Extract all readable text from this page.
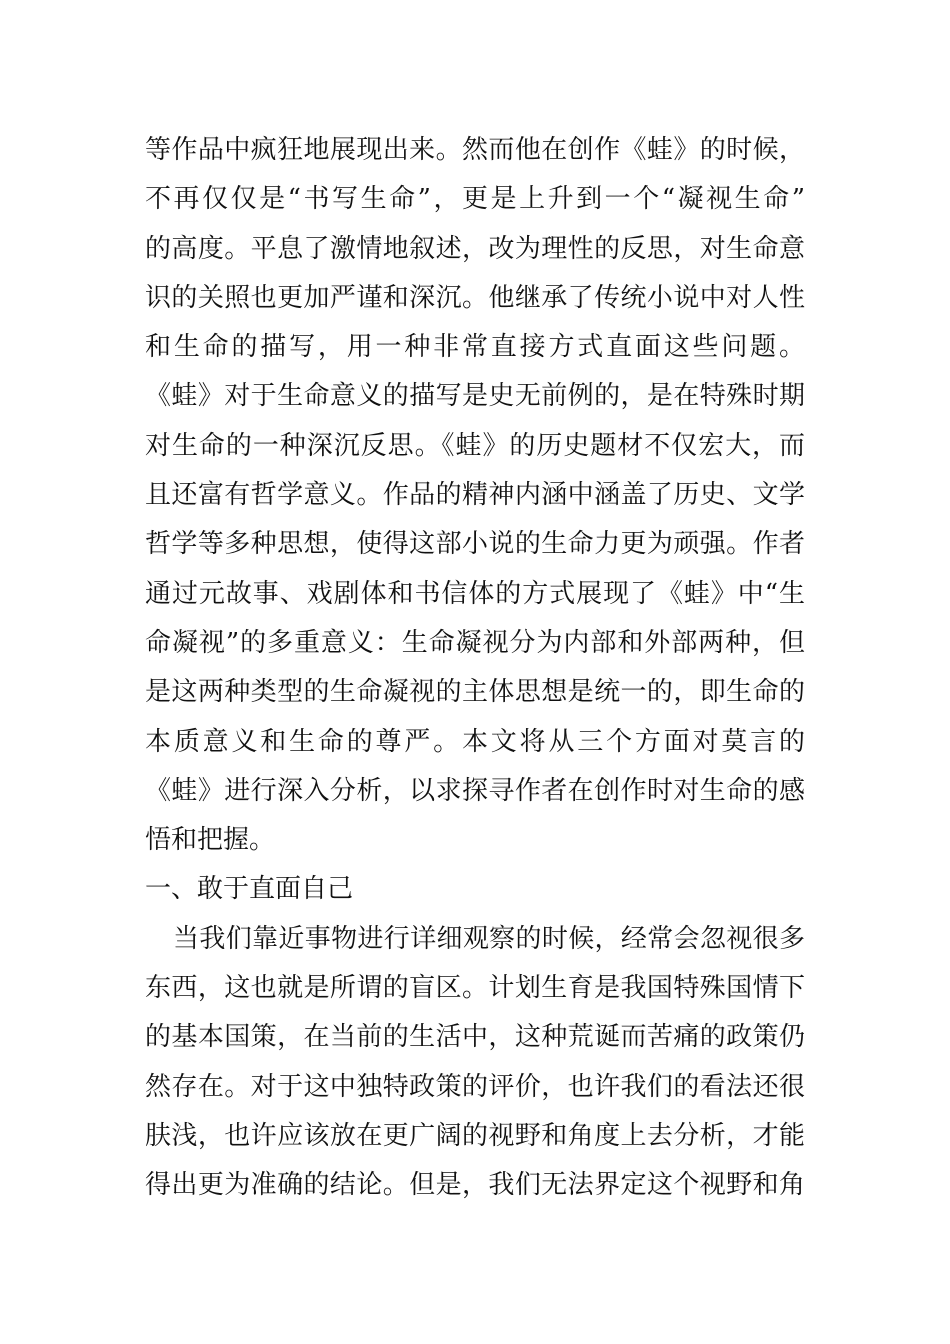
等作品中疯狂地展现出来。然而他在创作《蛙》的时候，
不再仅仅是“书写生命”，更是上升到一个“凝视生命”
的高度。平息了激情地叙述，改为理性的反思，对生命意
识的关照也更加严谨和深沉。他继承了传统小说中对人性
和生命的描写，用一种非常直接方式直面这些问题。
《蛙》对于生命意义的描写是史无前例的，是在特殊时期
对生命的一种深沉反思。《蛙》的历史题材不仅宏大，而
且还富有哲学意义。作品的精神内涵中涵盖了历史、文学
哲学等多种思想，使得这部小说的生命力更为顽强。作者
通过元故事、戏剧体和书信体的方式展现了《蛙》中“生
命凝视”的多重意义：生命凝视分为内部和外部两种，但
是这两种类型的生命凝视的主体思想是统一的，即生命的
本质意义和生命的尊严。本文将从三个方面对莫言的
《蛙》进行深入分析，以求探寻作者在创作时对生命的感
悟和把握。
一、敢于直面自己
当我们靠近事物进行详细观察的时候，经常会忽视很多
东西，这也就是所谓的盲区。计划生育是我国特殊国情下
的基本国策，在当前的生活中，这种荒诞而苦痛的政策仍
然存在。对于这中独特政策的评价，也许我们的看法还很
肤浅，也许应该放在更广阔的视野和角度上去分析，才能
得出更为准确的结论。但是，我们无法界定这个视野和角
